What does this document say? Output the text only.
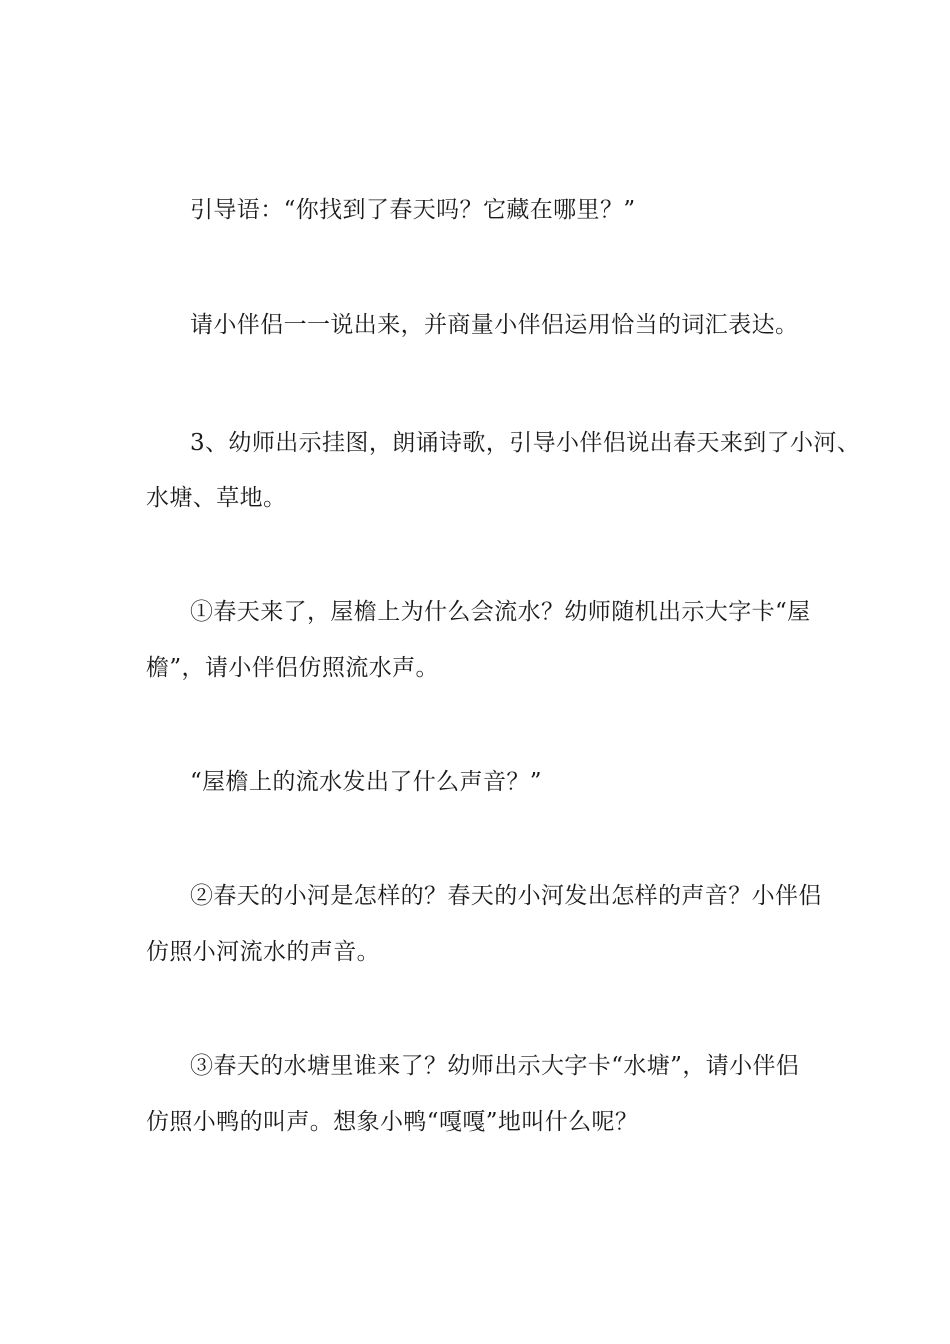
引导语：“你找到了春天吗？它藏在哪里？”
请小伴侣一一说出来，并商量小伴侣运用恰当的词汇表达。
3、幼师出示挂图，朗诵诗歌，引导小伴侣说出春天来到了小河、
水塘、草地。
①春天来了，屋檐上为什么会流水？幼师随机出示大字卡“屋
檐”，请小伴侣仿照流水声。
“屋檐上的流水发出了什么声音？”
②春天的小河是怎样的？春天的小河发出怎样的声音？小伴侣
仿照小河流水的声音。
③春天的水塘里谁来了？幼师出示大字卡“水塘”，请小伴侣
仿照小鸭的叫声。想象小鸭“嘎嘎”地叫什么呢？
